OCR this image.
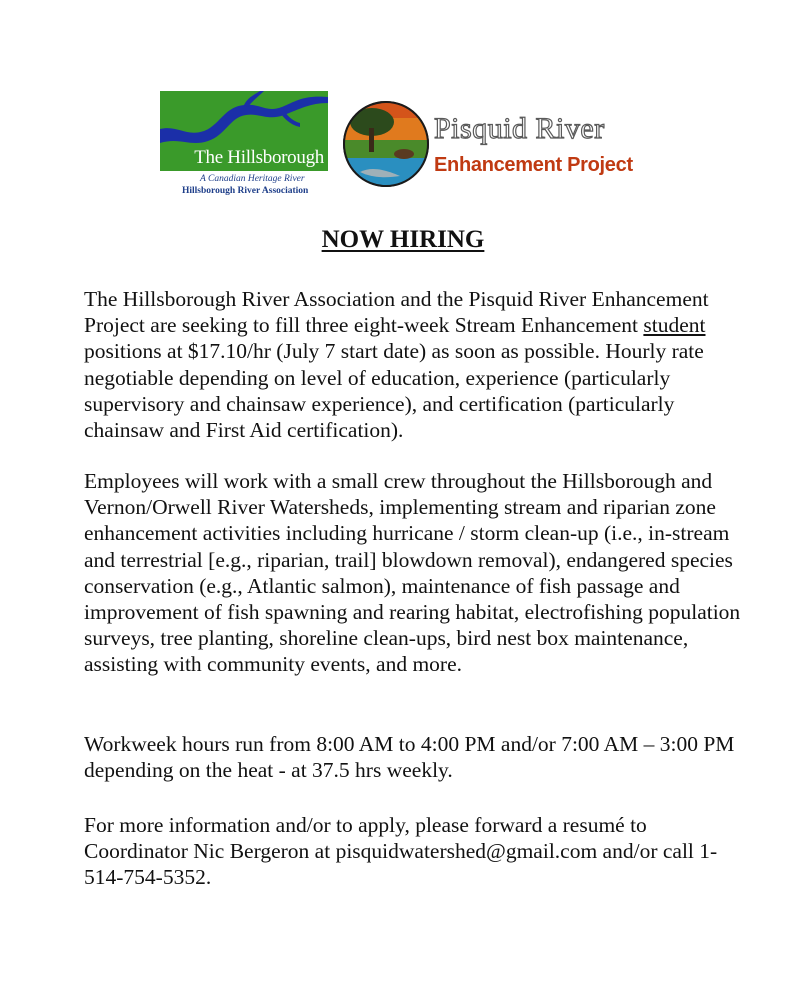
The Hillsborough
A Canadian Heritage River
Hillsborough River Association
Pisquid River
Enhancement Project
NOW HIRING
The Hillsborough River Association and the Pisquid River Enhancement Project are seeking to fill three eight-week Stream Enhancement student positions at $17.10/hr (July 7 start date) as soon as possible. Hourly rate negotiable depending on level of education, experience (particularly supervisory and chainsaw experience), and certification (particularly chainsaw and First Aid certification).
Employees will work with a small crew throughout the Hillsborough and Vernon/Orwell River Watersheds, implementing stream and riparian zone enhancement activities including hurricane / storm clean-up (i.e., in-stream and terrestrial [e.g., riparian, trail] blowdown removal), endangered species conservation (e.g., Atlantic salmon), maintenance of fish passage and improvement of fish spawning and rearing habitat, electrofishing population surveys, tree planting, shoreline clean-ups, bird nest box maintenance, assisting with community events, and more.
Workweek hours run from 8:00 AM to 4:00 PM and/or 7:00 AM – 3:00 PM depending on the heat - at 37.5 hrs weekly.
For more information and/or to apply, please forward a resumé to Coordinator Nic Bergeron at pisquidwatershed@gmail.com and/or call 1-514-754-5352.
